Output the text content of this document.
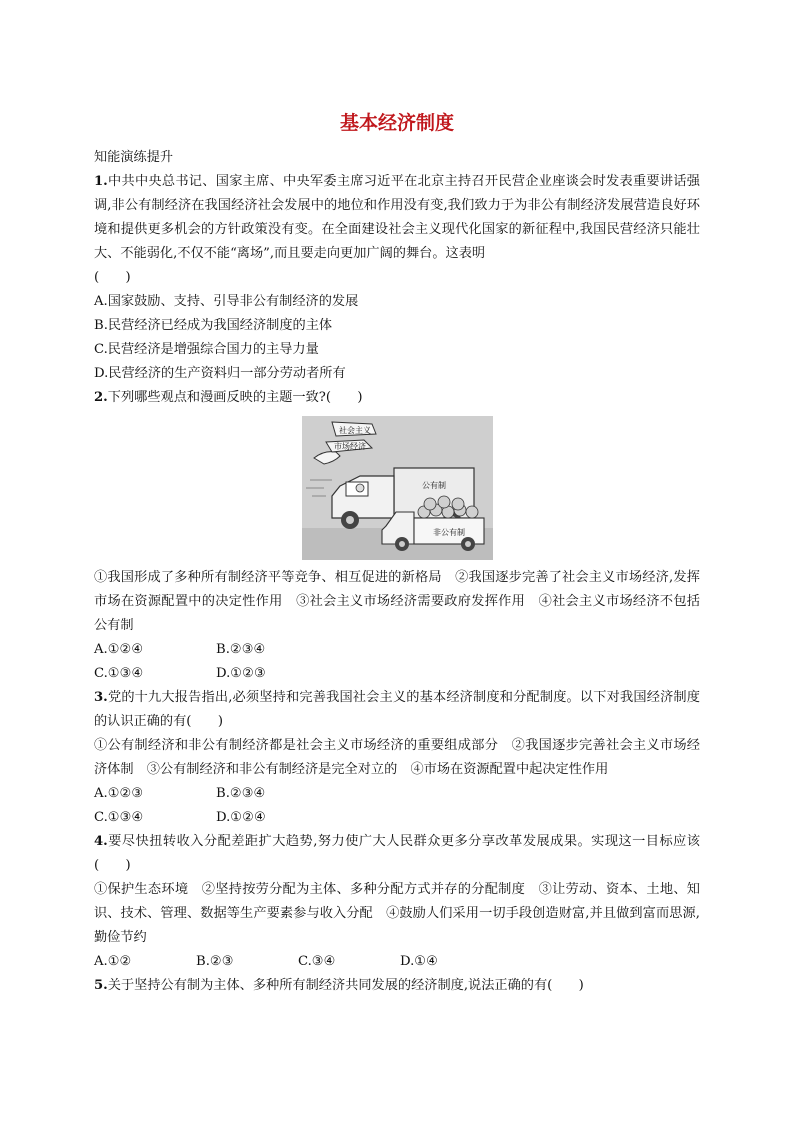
基本经济制度
知能演练提升
1.中共中央总书记、国家主席、中央军委主席习近平在北京主持召开民营企业座谈会时发表重要讲话强调,非公有制经济在我国经济社会发展中的地位和作用没有变,我们致力于为非公有制经济发展营造良好环境和提供更多机会的方针政策没有变。在全面建设社会主义现代化国家的新征程中,我国民营经济只能壮大、不能弱化,不仅不能“离场”,而且要走向更加广阔的舞台。这表明
(　　)
A.国家鼓励、支持、引导非公有制经济的发展
B.民营经济已经成为我国经济制度的主体
C.民营经济是增强综合国力的主导力量
D.民营经济的生产资料归一部分劳动者所有
2.下列哪些观点和漫画反映的主题一致?(　　)
社会主义
市场经济
公有制
非公有制
①我国形成了多种所有制经济平等竞争、相互促进的新格局　②我国逐步完善了社会主义市场经济,发挥市场在资源配置中的决定性作用　③社会主义市场经济需要政府发挥作用　④社会主义市场经济不包括公有制
A.①②④	B.②③④
C.①③④	D.①②③
3.党的十九大报告指出,必须坚持和完善我国社会主义的基本经济制度和分配制度。以下对我国经济制度的认识正确的有(　　)
①公有制经济和非公有制经济都是社会主义市场经济的重要组成部分　②我国逐步完善社会主义市场经济体制　③公有制经济和非公有制经济是完全对立的　④市场在资源配置中起决定性作用
A.①②③	B.②③④
C.①③④	D.①②④
4.要尽快扭转收入分配差距扩大趋势,努力使广大人民群众更多分享改革发展成果。实现这一目标应该(　　)
①保护生态环境　②坚持按劳分配为主体、多种分配方式并存的分配制度　③让劳动、资本、土地、知识、技术、管理、数据等生产要素参与收入分配　④鼓励人们采用一切手段创造财富,并且做到富而思源,勤俭节约
A.①②	B.②③	C.③④	D.①④
5.关于坚持公有制为主体、多种所有制经济共同发展的经济制度,说法正确的有(　　)
